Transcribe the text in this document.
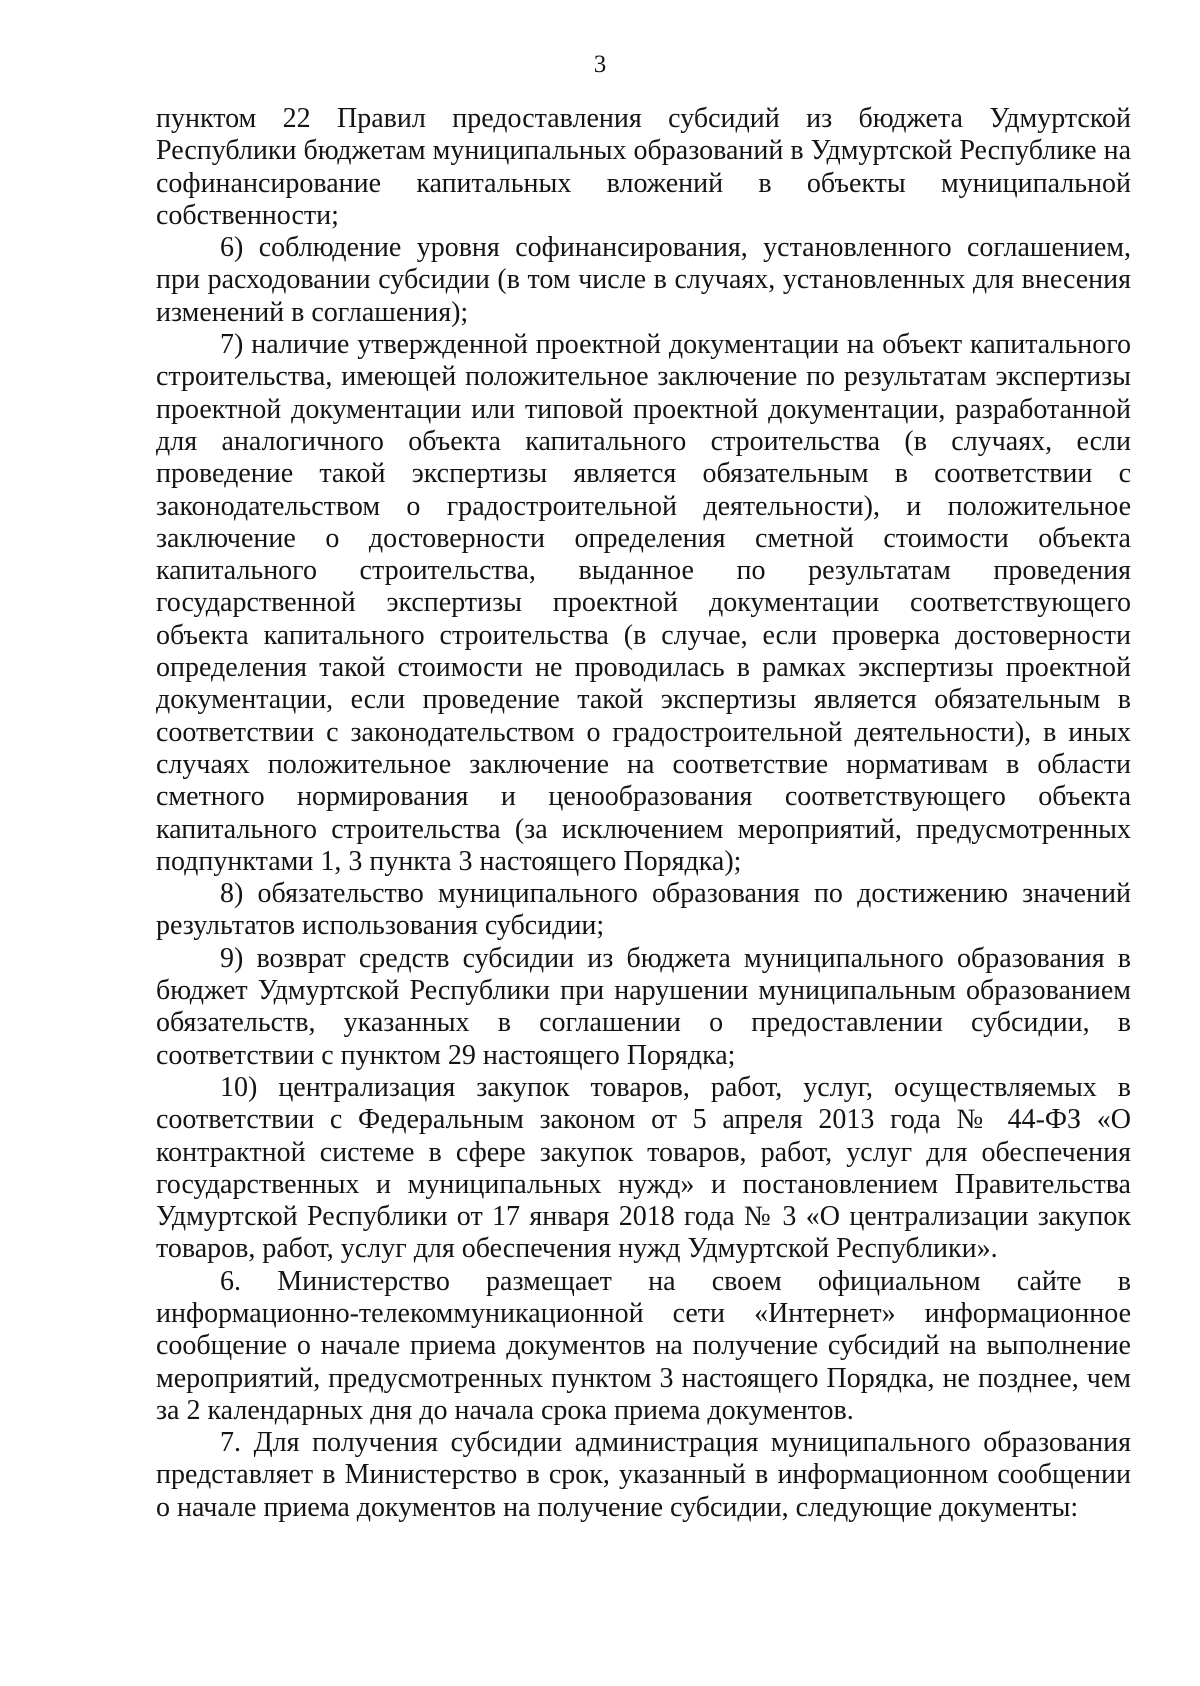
3

пунктом 22 Правил предоставления субсидий из бюджета Удмуртской Республики бюджетам муниципальных образований в Удмуртской Республике на софинансирование капитальных вложений в объекты муниципальной собственности;

6) соблюдение уровня софинансирования, установленного соглашением, при расходовании субсидии (в том числе в случаях, установленных для внесения изменений в соглашения);

7) наличие утвержденной проектной документации на объект капитального строительства, имеющей положительное заключение по результатам экспертизы проектной документации или типовой проектной документации, разработанной для аналогичного объекта капитального строительства (в случаях, если проведение такой экспертизы является обязательным в соответствии с законодательством о градостроительной деятельности), и положительное заключение о достоверности определения сметной стоимости объекта капитального строительства, выданное по результатам проведения государственной экспертизы проектной документации соответствующего объекта капитального строительства (в случае, если проверка достоверности определения такой стоимости не проводилась в рамках экспертизы проектной документации, если проведение такой экспертизы является обязательным в соответствии с законодательством о градостроительной деятельности), в иных случаях положительное заключение на соответствие нормативам в области сметного нормирования и ценообразования соответствующего объекта капитального строительства (за исключением мероприятий, предусмотренных подпунктами 1, 3 пункта 3 настоящего Порядка);

8) обязательство муниципального образования по достижению значений результатов использования субсидии;

9) возврат средств субсидии из бюджета муниципального образования в бюджет Удмуртской Республики при нарушении муниципальным образованием обязательств, указанных в соглашении о предоставлении субсидии, в соответствии с пунктом 29 настоящего Порядка;

10) централизация закупок товаров, работ, услуг, осуществляемых в соответствии с Федеральным законом от 5 апреля 2013 года № 44-ФЗ «О контрактной системе в сфере закупок товаров, работ, услуг для обеспечения государственных и муниципальных нужд» и постановлением Правительства Удмуртской Республики от 17 января 2018 года № 3 «О централизации закупок товаров, работ, услуг для обеспечения нужд Удмуртской Республики».

6. Министерство размещает на своем официальном сайте в информационно-телекоммуникационной сети «Интернет» информационное сообщение о начале приема документов на получение субсидий на выполнение мероприятий, предусмотренных пунктом 3 настоящего Порядка, не позднее, чем за 2 календарных дня до начала срока приема документов.

7. Для получения субсидии администрация муниципального образования представляет в Министерство в срок, указанный в информационном сообщении о начале приема документов на получение субсидии, следующие документы:
